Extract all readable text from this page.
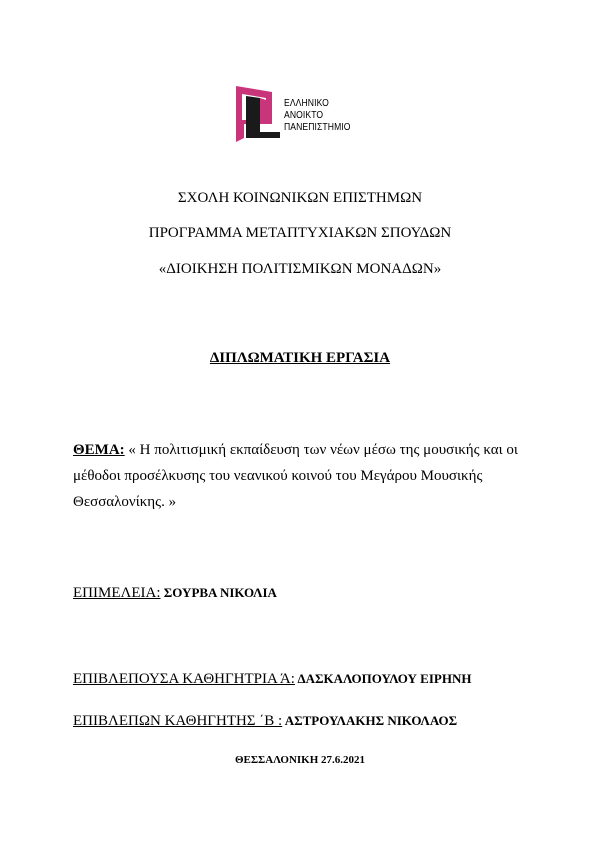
ΕΛΛΗΝΙΚΟ
ΑΝΟΙΚΤΟ
ΠΑΝΕΠΙΣΤΗΜΙΟ
ΣΧΟΛΗ ΚΟΙΝΩΝΙΚΩΝ ΕΠΙΣΤΗΜΩΝ
ΠΡΟΓΡΑΜΜΑ ΜΕΤΑΠΤΥΧΙΑΚΩΝ ΣΠΟΥΔΩΝ
«ΔΙΟΙΚΗΣΗ ΠΟΛΙΤΙΣΜΙΚΩΝ ΜΟΝΑΔΩΝ»
ΔΙΠΛΩΜΑΤΙΚΗ ΕΡΓΑΣΙΑ
ΘΕΜΑ: « Η πολιτισμική εκπαίδευση των νέων μέσω της μουσικής και οι μέθοδοι προσέλκυσης του νεανικού κοινού του Μεγάρου Μουσικής Θεσσαλονίκης. »
ΕΠΙΜΕΛΕΙΑ: ΣΟΥΡΒΑ ΝΙΚΟΛΙΑ
ΕΠΙΒΛΕΠΟΥΣΑ ΚΑΘΗΓΗΤΡΙΑ Ά: ΔΑΣΚΑΛΟΠΟΥΛΟΥ ΕΙΡΗΝΗ
ΕΠΙΒΛΕΠΩΝ ΚΑΘΗΓΗΤΗΣ ΄Β : ΑΣΤΡΟΥΛΑΚΗΣ ΝΙΚΟΛΑΟΣ
ΘΕΣΣΑΛΟΝΙΚΗ 27.6.2021
